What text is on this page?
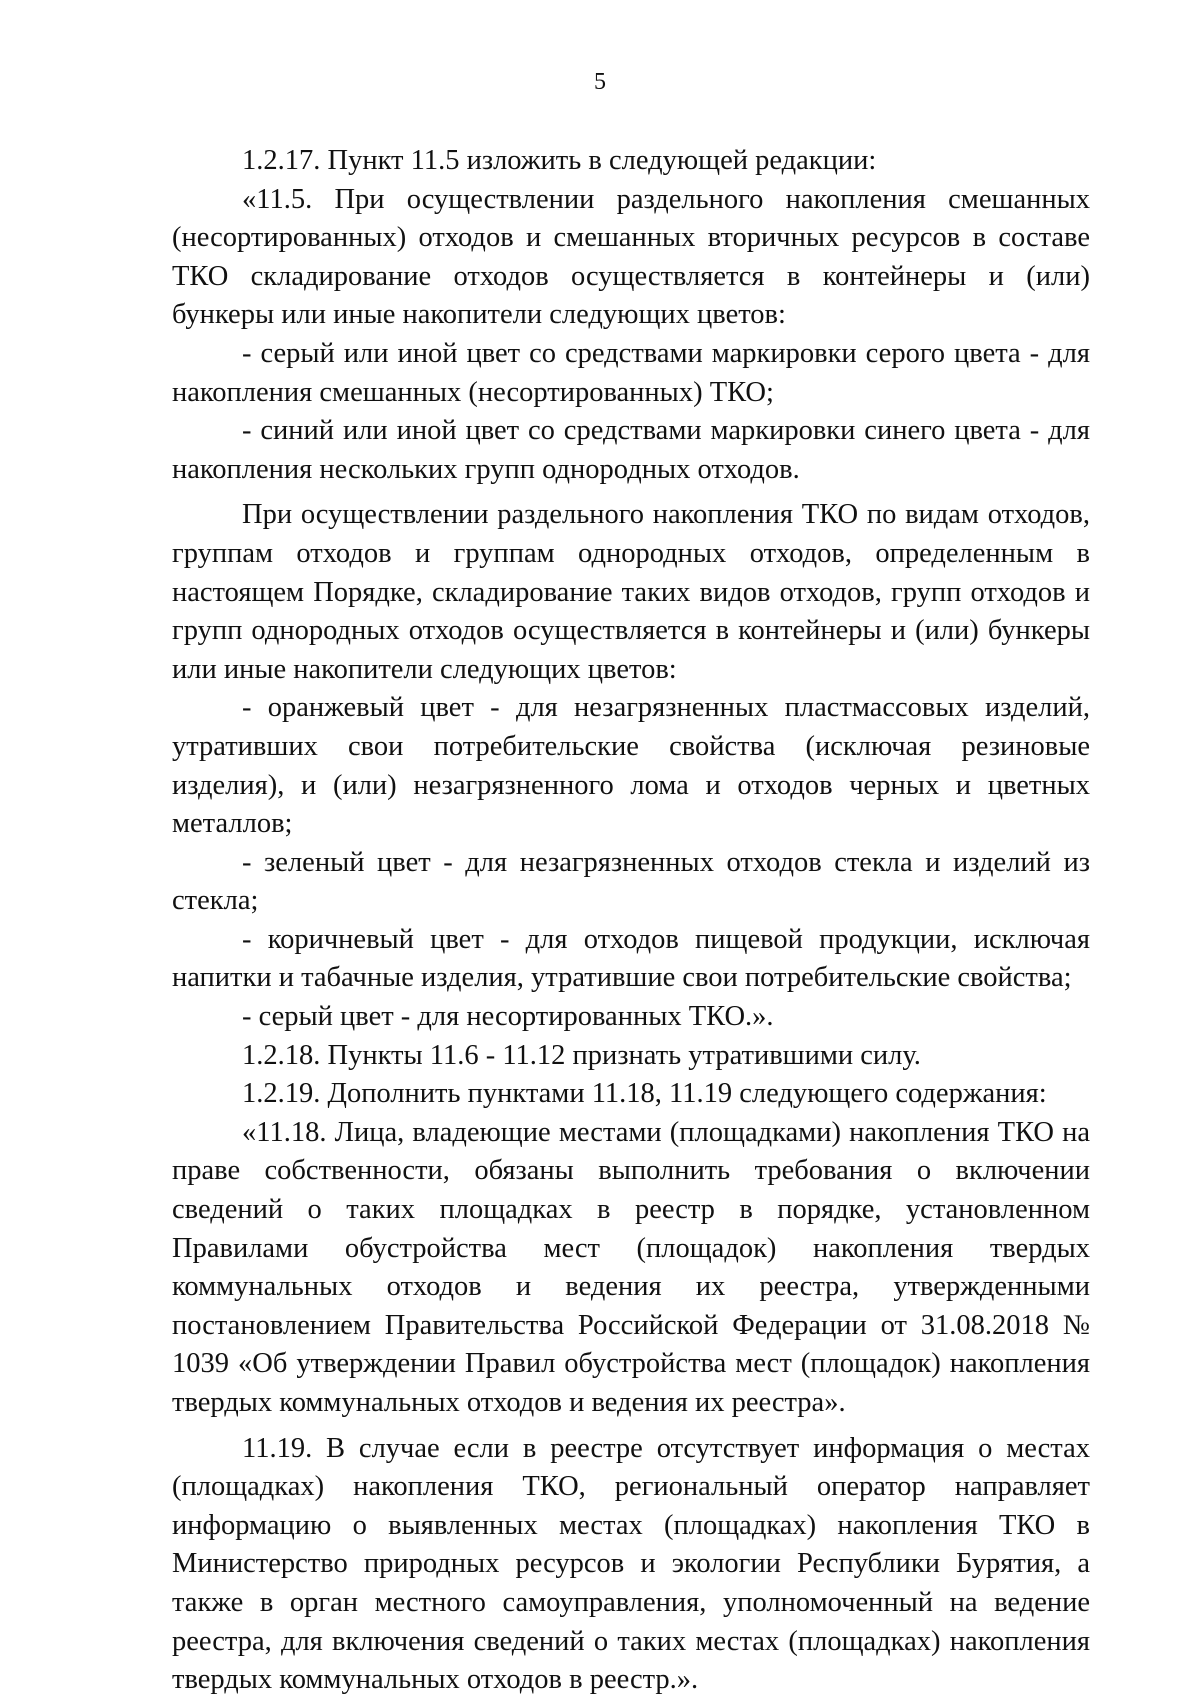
5

1.2.17. Пункт 11.5 изложить в следующей редакции:

«11.5. При осуществлении раздельного накопления смешанных (несортированных) отходов и смешанных вторичных ресурсов в составе ТКО складирование отходов осуществляется в контейнеры и (или) бункеры или иные накопители следующих цветов:

- серый или иной цвет со средствами маркировки серого цвета - для накопления смешанных (несортированных) ТКО;

- синий или иной цвет со средствами маркировки синего цвета - для накопления нескольких групп однородных отходов.

При осуществлении раздельного накопления ТКО по видам отходов, группам отходов и группам однородных отходов, определенным в настоящем Порядке, складирование таких видов отходов, групп отходов и групп однородных отходов осуществляется в контейнеры и (или) бункеры или иные накопители следующих цветов:

- оранжевый цвет - для незагрязненных пластмассовых изделий, утративших свои потребительские свойства (исключая резиновые изделия), и (или) незагрязненного лома и отходов черных и цветных металлов;

- зеленый цвет - для незагрязненных отходов стекла и изделий из стекла;

- коричневый цвет - для отходов пищевой продукции, исключая напитки и табачные изделия, утратившие свои потребительские свойства;

- серый цвет - для несортированных ТКО.».

1.2.18. Пункты 11.6 - 11.12 признать утратившими силу.

1.2.19. Дополнить пунктами 11.18, 11.19 следующего содержания:

«11.18. Лица, владеющие местами (площадками) накопления ТКО на праве собственности, обязаны выполнить требования о включении сведений о таких площадках в реестр в порядке, установленном Правилами обустройства мест (площадок) накопления твердых коммунальных отходов и ведения их реестра, утвержденными постановлением Правительства Российской Федерации от 31.08.2018 № 1039 «Об утверждении Правил обустройства мест (площадок) накопления твердых коммунальных отходов и ведения их реестра».

11.19. В случае если в реестре отсутствует информация о местах (площадках) накопления ТКО, региональный оператор направляет информацию о выявленных местах (площадках) накопления ТКО в Министерство природных ресурсов и экологии Республики Бурятия, а также в орган местного самоуправления, уполномоченный на ведение реестра, для включения сведений о таких местах (площадках) накопления твердых коммунальных отходов в реестр.».
